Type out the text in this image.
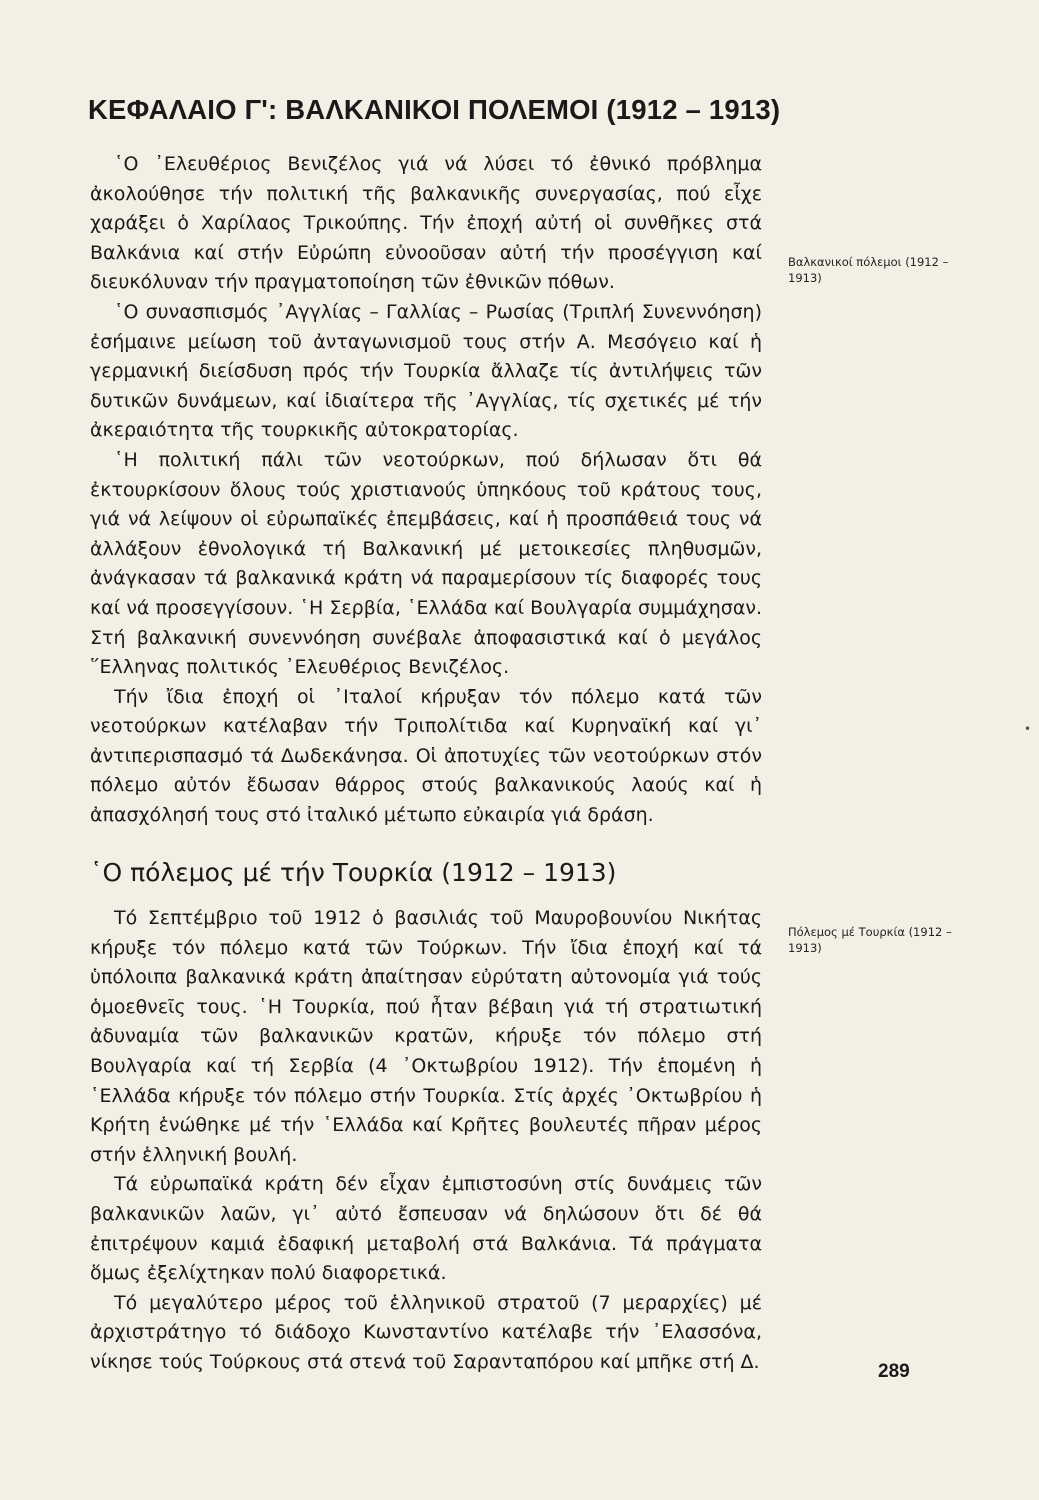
ΚΕΦΑΛΑΙΟ Γ': ΒΑΛΚΑΝΙΚΟΙ ΠΟΛΕΜΟΙ (1912 – 1913)

῾Ο ᾿Ελευθέριος Βενιζέλος γιά νά λύσει τό ἐθνικό πρόβλημα ἀκολούθησε τήν πολιτική τῆς βαλκανικῆς συνεργασίας, πού εἶχε χαράξει ὁ Χαρίλαος Τρικούπης. Τήν ἐποχή αὐτή οἱ συνθῆκες στά Βαλκάνια καί στήν Εὐρώπη εὐνοοῦσαν αὐτή τήν προσέγγιση καί διευκόλυναν τήν πραγματοποίηση τῶν ἐθνικῶν πόθων.

῾Ο συνασπισμός ᾿Αγγλίας – Γαλλίας – Ρωσίας (Τριπλή Συνεννόηση) ἐσήμαινε μείωση τοῦ ἀνταγωνισμοῦ τους στήν Α. Μεσόγειο καί ἡ γερμανική διείσδυση πρός τήν Τουρκία ἄλλαζε τίς ἀντιλήψεις τῶν δυτικῶν δυνάμεων, καί ἰδιαίτερα τῆς ᾿Αγγλίας, τίς σχετικές μέ τήν ἀκεραιότητα τῆς τουρκικῆς αὐτοκρατορίας.

῾Η πολιτική πάλι τῶν νεοτούρκων, πού δήλωσαν ὅτι θά ἐκτουρκίσουν ὅλους τούς χριστιανούς ὑπηκόους τοῦ κράτους τους, γιά νά λείψουν οἱ εὐρωπαϊκές ἐπεμβάσεις, καί ἡ προσπάθειά τους νά ἀλλάξουν ἐθνολογικά τή Βαλκανική μέ μετοικεσίες πληθυσμῶν, ἀνάγκασαν τά βαλκανικά κράτη νά παραμερίσουν τίς διαφορές τους καί νά προσεγγίσουν. ῾Η Σερβία, ῾Ελλάδα καί Βουλγαρία συμμάχησαν. Στή βαλκανική συνεννόηση συνέβαλε ἀποφασιστικά καί ὁ μεγάλος ῞Ελληνας πολιτικός ᾿Ελευθέριος Βενιζέλος.

Τήν ἴδια ἐποχή οἱ ᾿Ιταλοί κήρυξαν τόν πόλεμο κατά τῶν νεοτούρκων κατέλαβαν τήν Τριπολίτιδα καί Κυρηναϊκή καί γι᾿ ἀντιπερισπασμό τά Δωδεκάνησα. Οἱ ἀποτυχίες τῶν νεοτούρκων στόν πόλεμο αὐτόν ἔδωσαν θάρρος στούς βαλκανικούς λαούς καί ἡ ἀπασχόλησή τους στό ἰταλικό μέτωπο εὐκαιρία γιά δράση.

Βαλκανικοί πόλεμοι (1912 – 1913)
῾Ο πόλεμος μέ τήν Τουρκία (1912 – 1913)

Τό Σεπτέμβριο τοῦ 1912 ὁ βασιλιάς τοῦ Μαυροβουνίου Νικήτας κήρυξε τόν πόλεμο κατά τῶν Τούρκων. Τήν ἴδια ἐποχή καί τά ὑπόλοιπα βαλκανικά κράτη ἀπαίτησαν εὐρύτατη αὐτονομία γιά τούς ὁμοεθνεῖς τους. ῾Η Τουρκία, πού ἦταν βέβαιη γιά τή στρατιωτική ἀδυναμία τῶν βαλκανικῶν κρατῶν, κήρυξε τόν πόλεμο στή Βουλγαρία καί τή Σερβία (4 ᾿Οκτωβρίου 1912). Τήν ἑπομένη ἡ ῾Ελλάδα κήρυξε τόν πόλεμο στήν Τουρκία. Στίς ἀρχές ᾿Οκτωβρίου ἡ Κρήτη ἑνώθηκε μέ τήν ῾Ελλάδα καί Κρῆτες βουλευτές πῆραν μέρος στήν ἑλληνική βουλή.

Τά εὐρωπαϊκά κράτη δέν εἶχαν ἐμπιστοσύνη στίς δυνάμεις τῶν βαλκανικῶν λαῶν, γι᾿ αὐτό ἔσπευσαν νά δηλώσουν ὅτι δέ θά ἐπιτρέψουν καμιά ἐδαφική μεταβολή στά Βαλκάνια. Τά πράγματα ὅμως ἐξελίχτηκαν πολύ διαφορετικά.

Τό μεγαλύτερο μέρος τοῦ ἑλληνικοῦ στρατοῦ (7 μεραρχίες) μέ ἀρχιστράτηγο τό διάδοχο Κωνσταντίνο κατέλαβε τήν ᾿Ελασσόνα, νίκησε τούς Τούρκους στά στενά τοῦ Σαρανταπόρου καί μπῆκε στή Δ.

Πόλεμος μέ Τουρκία (1912 – 1913)
289
•
